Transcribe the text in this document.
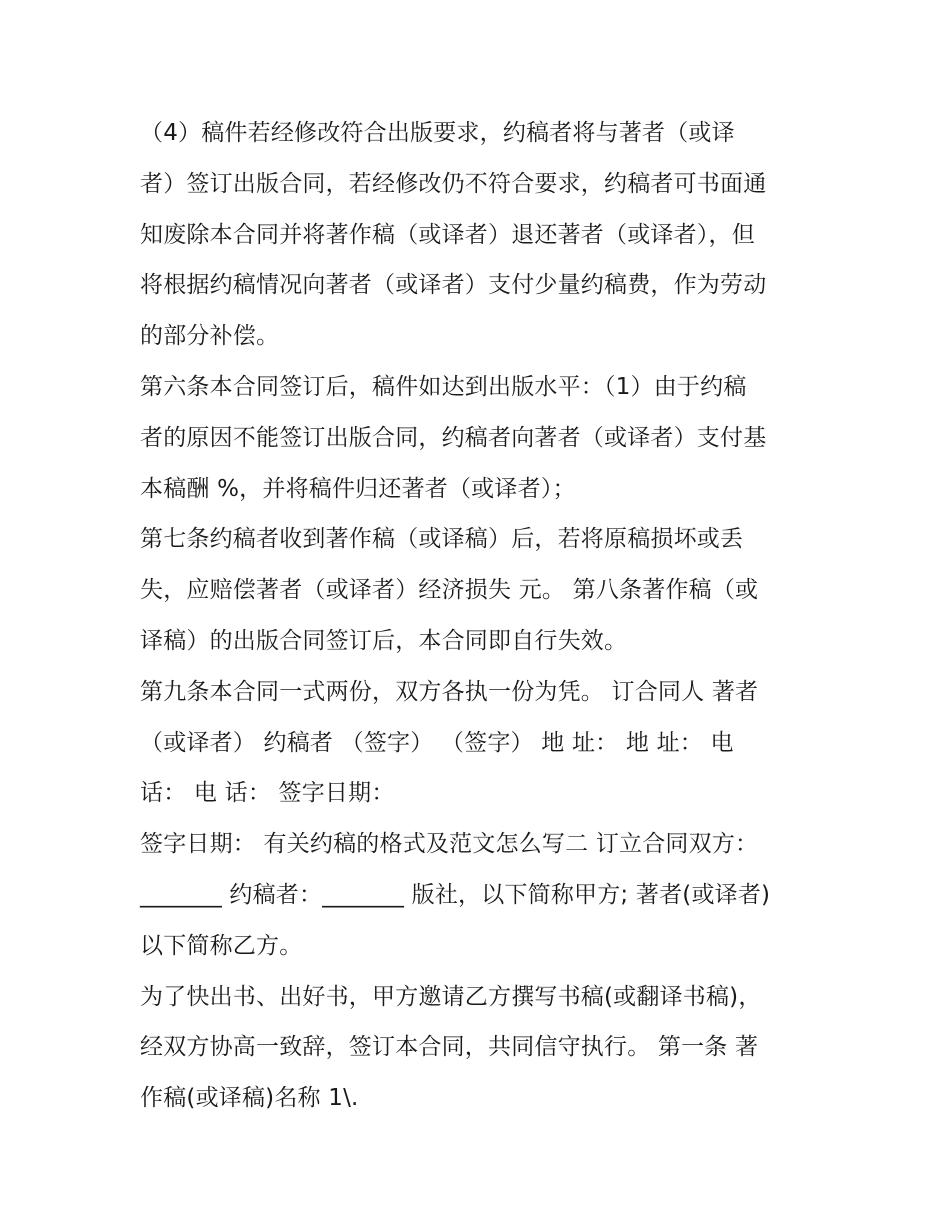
（4）稿件若经修改符合出版要求，约稿者将与著者（或译
者）签订出版合同，若经修改仍不符合要求，约稿者可书面通
知废除本合同并将著作稿（或译者）退还著者（或译者），但
将根据约稿情况向著者（或译者）支付少量约稿费，作为劳动
的部分补偿。
第六条本合同签订后，稿件如达到出版水平：（1）由于约稿
者的原因不能签订出版合同，约稿者向著者（或译者）支付基
本稿酬 %，并将稿件归还著者（或译者）；
第七条约稿者收到著作稿（或译稿）后，若将原稿损坏或丢
失，应赔偿著者（或译者）经济损失 元。 第八条著作稿（或
译稿）的出版合同签订后，本合同即自行失效。
第九条本合同一式两份，双方各执一份为凭。 订合同人 著者
（或译者） 约稿者 （签字） （签字） 地 址： 地 址： 电
话： 电 话： 签字日期：
签字日期： 有关约稿的格式及范文怎么写二 订立合同双方：
_______ 约稿者：_______ 版社，以下简称甲方; 著者(或译者)
以下简称乙方。
为了快出书、出好书，甲方邀请乙方撰写书稿(或翻译书稿)，
经双方协高一致辞，签订本合同，共同信守执行。 第一条 著
作稿(或译稿)名称 1\.
